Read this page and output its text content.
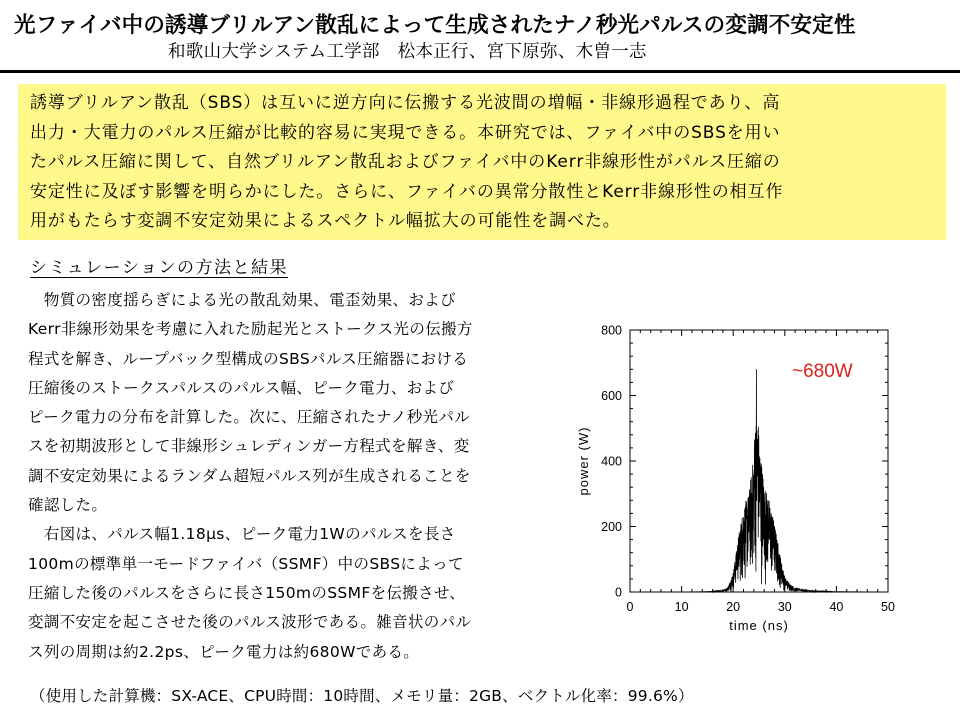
光ファイバ中の誘導ブリルアン散乱によって生成されたナノ秒光パルスの変調不安定性
和歌山大学システム工学部　松本正行、宮下原弥、木曽一志
誘導ブリルアン散乱（SBS）は互いに逆方向に伝搬する光波間の増幅・非線形過程であり、高
出力・大電力のパルス圧縮が比較的容易に実現できる。本研究では、ファイバ中のSBSを用い
たパルス圧縮に関して、自然ブリルアン散乱およびファイバ中のKerr非線形性がパルス圧縮の
安定性に及ぼす影響を明らかにした。さらに、ファイバの異常分散性とKerr非線形性の相互作
用がもたらす変調不安定効果によるスペクトル幅拡大の可能性を調べた。
シミュレーションの方法と結果
　物質の密度揺らぎによる光の散乱効果、電歪効果、および
Kerr非線形効果を考慮に入れた励起光とストークス光の伝搬方
程式を解き、ループバック型構成のSBSパルス圧縮器における
圧縮後のストークスパルスのパルス幅、ピーク電力、および
ピーク電力の分布を計算した。次に、圧縮されたナノ秒光パル
スを初期波形として非線形シュレディンガー方程式を解き、変
調不安定効果によるランダム超短パルス列が生成されることを
確認した。
　右図は、パルス幅1.18μs、ピーク電力1Wのパルスを長さ
100mの標準単一モードファイバ（SSMF）中のSBSによって
圧縮した後のパルスをさらに長さ150mのSSMFを伝搬させ、
変調不安定を起こさせた後のパルス波形である。雑音状のパル
ス列の周期は約2.2ps、ピーク電力は約680Wである。
0	10	20	30	40	50
0
200
400
600
800
time (ns)
power (W)
~680W
（使用した計算機：SX-ACE、CPU時間：10時間、メモリ量：2GB、ベクトル化率：99.6%）
